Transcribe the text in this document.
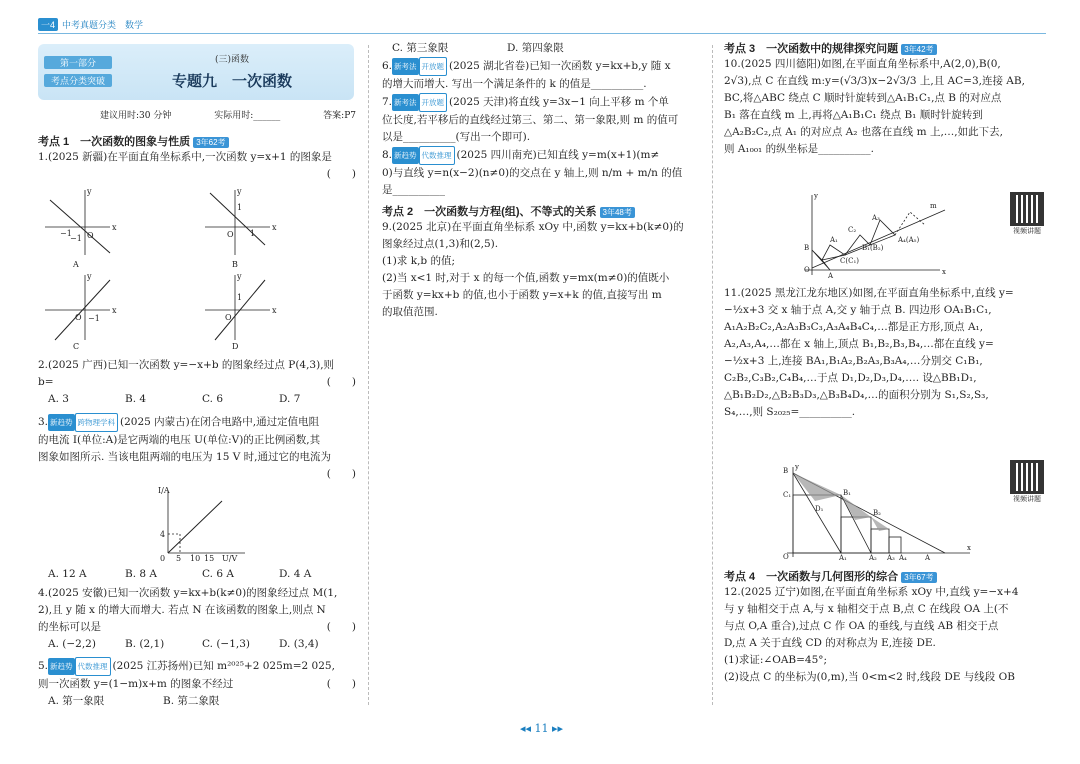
一4 中考真题分类　 数学
第一部分
考点分类突破
(三)函数
专题九　一次函数
建议用时:30 分钟	实际用时:______	答案:P7
考点 1　一次函数的图象与性质 3年62考
1.(2025 新疆)在平面直角坐标系中,一次函数 y=x+1 的图象是
(　　)
x
y
O
−1
−1
A
x
y
1
O 1
B
x
y
O −1
C
x
y
1
O
D
2.(2025 广西)已知一次函数 y=−x+b 的图象经过点 P(4,3),则
b=	(　　)
A. 3	B. 4	C. 6	D. 7
3. 新趋势 跨物理学科 (2025 内蒙古)在闭合电路中,通过定值电阻
的电流 I(单位:A)是它两端的电压 U(单位:V)的正比例函数,其
图象如图所示. 当该电阻两端的电压为 15 V 时,通过它的电流为
(　　)
I/A
4
0 5 10 15 U/V
A. 12 A	B. 8 A	C. 6 A	D. 4 A
4.(2025 安徽)已知一次函数 y=kx+b(k≠0)的图象经过点 M(1,
2),且 y 随 x 的增大而增大. 若点 N 在该函数的图象上,则点 N
的坐标可以是	(　　)
A. (−2,2)	B. (2,1)	C. (−1,3)	D. (3,4)
5. 新趋势 代数推理 (2025 江苏扬州)已知 m²⁰²⁵+2 025m=2 025,
则一次函数 y=(1−m)x+m 的图象不经过	(　　)
A. 第一象限	B. 第二象限
C. 第三象限	D. 第四象限
6. 新考法 开放题 (2025 湖北省卷)已知一次函数 y=kx+b,y 随 x
的增大而增大. 写出一个满足条件的 k 的值是__________.
7. 新考法 开放题 (2025 天津)将直线 y=3x−1 向上平移 m 个单
位长度,若平移后的直线经过第三、第二、第一象限,则 m 的值可
以是__________(写出一个即可).
8. 新趋势 代数推理 (2025 四川南充)已知直线 y=m(x+1)(m≠
0)与直线 y=n(x−2)(n≠0)的交点在 y 轴上,则 n/m + m/n 的值
是__________
考点 2　一次函数与方程(组)、不等式的关系 3年48考
9.(2025 北京)在平面直角坐标系 xOy 中,函数 y=kx+b(k≠0)的
图象经过点(1,3)和(2,5).
(1)求 k,b 的值;
(2)当 x<1 时,对于 x 的每一个值,函数 y=mx(m≠0)的值既小
于函数 y=kx+b 的值,也小于函数 y=x+k 的值,直接写出 m
的取值范围.
考点 3　一次函数中的规律探究问题 3年42考
10.(2025 四川德阳)如图,在平面直角坐标系中,A(2,0),B(0,
2√3),点 C 在直线 m:y=(√3/3)x−2√3/3 上,且 AC=3,连接 AB,
BC,将△ABC 绕点 C 顺时针旋转到△A₁B₁C₁,点 B 的对应点
B₁ 落在直线 m 上,再将△A₁B₁C₁ 绕点 B₁ 顺时针旋转到
△A₂B₂C₂,点 A₁ 的对应点 A₂ 也落在直线 m 上,…,如此下去,
则 A₁₀₀₁ 的纵坐标是__________.
B
O
A
A₁
C(C₁)
C₂
B₁(B₂)
A₃
A₄(A₅)
m
x
y
视频讲题
11.(2025 黑龙江龙东地区)如图,在平面直角坐标系中,直线 y=
−½x+3 交 x 轴于点 A,交 y 轴于点 B. 四边形 OA₁B₁C₁,
A₁A₂B₂C₂,A₂A₃B₃C₃,A₃A₄B₄C₄,…都是正方形,顶点 A₁,
A₂,A₃,A₄,…都在 x 轴上,顶点 B₁,B₂,B₃,B₄,…都在直线 y=
−½x+3 上,连接 BA₁,B₁A₂,B₂A₃,B₃A₄,…分别交 C₁B₁,
C₂B₂,C₃B₂,C₄B₄,…于点 D₁,D₂,D₃,D₄,…. 设△BB₁D₁,
△B₁B₂D₂,△B₂B₃D₃,△B₃B₄D₄,…的面积分别为 S₁,S₂,S₃,
S₄,…,则 S₂₀₂₅=__________.
B
C₁
O	A₁	A₂ A₃ A₄	A
B₁
B₂
D₁
x
y
视频讲题
考点 4　一次函数与几何图形的综合 3年67考
12.(2025 辽宁)如图,在平面直角坐标系 xOy 中,直线 y=−x+4
与 y 轴相交于点 A,与 x 轴相交于点 B,点 C 在线段 OA 上(不
与点 O,A 重合),过点 C 作 OA 的垂线,与直线 AB 相交于点
D,点 A 关于直线 CD 的对称点为 E,连接 DE.
(1)求证:∠OAB=45°;
(2)设点 C 的坐标为(0,m),当 0<m<2 时,线段 DE 与线段 OB
◂◂ 11 ▸▸
